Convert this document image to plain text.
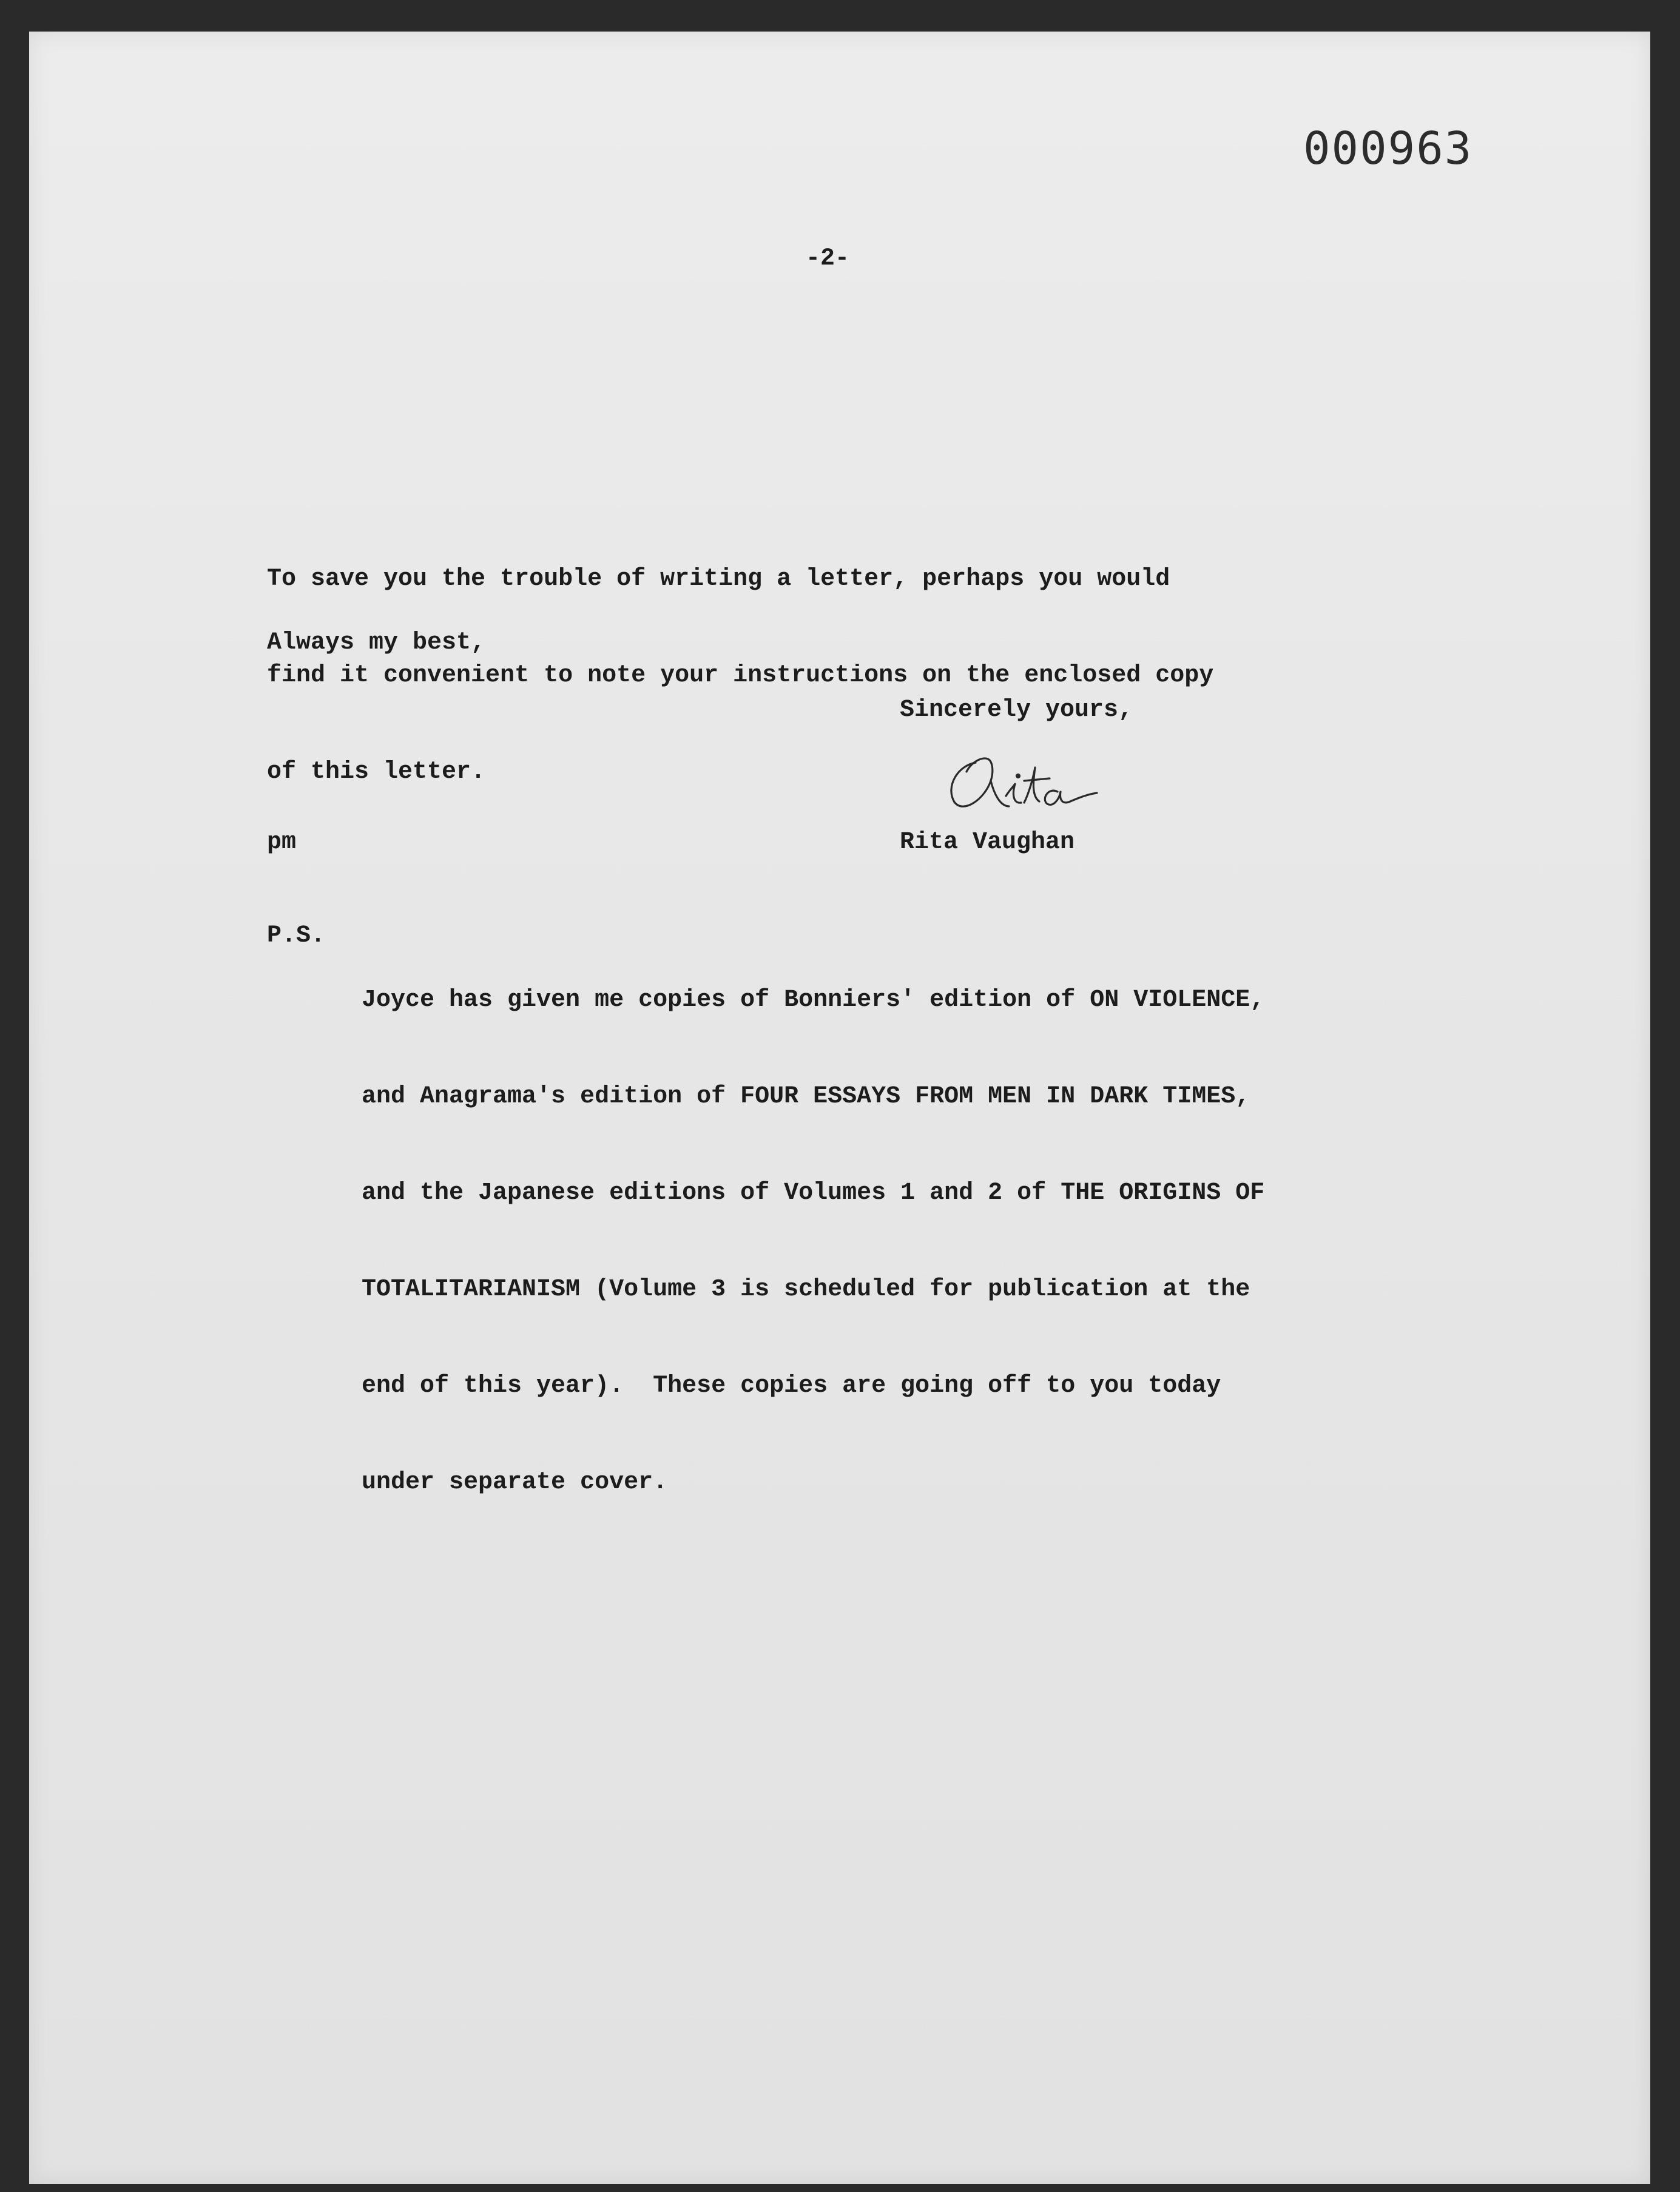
000963
-2-

To save you the trouble of writing a letter, perhaps you would

find it convenient to note your instructions on the enclosed copy

of this letter.

Always my best,
Sincerely yours,
pm	Rita Vaughan
P.S.

Joyce has given me copies of Bonniers' edition of ON VIOLENCE,

and Anagrama's edition of FOUR ESSAYS FROM MEN IN DARK TIMES,

and the Japanese editions of Volumes 1 and 2 of THE ORIGINS OF

TOTALITARIANISM (Volume 3 is scheduled for publication at the

end of this year).  These copies are going off to you today

under separate cover.
